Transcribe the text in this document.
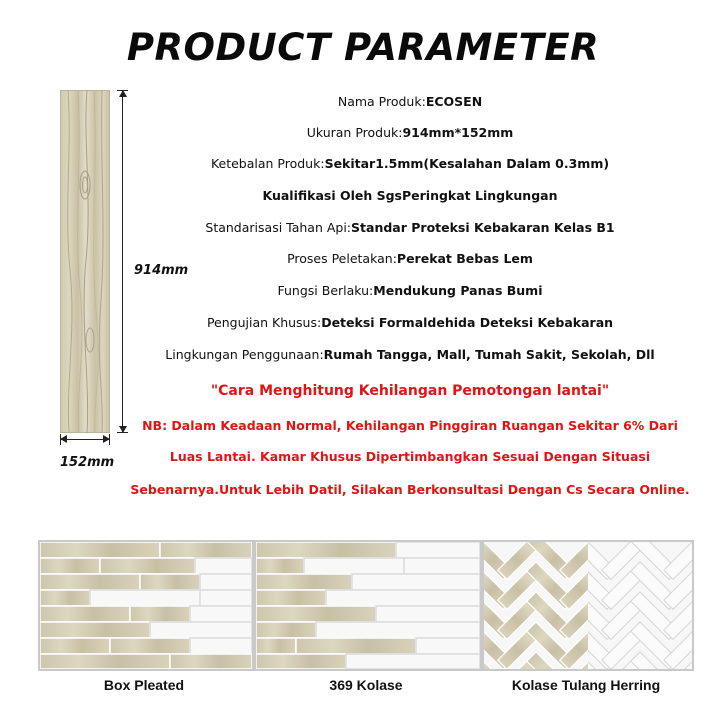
PRODUCT PARAMETER
914mm
152mm
Nama Produk:ECOSEN
Ukuran Produk:914mm*152mm
Ketebalan Produk:Sekitar1.5mm(Kesalahan Dalam 0.3mm)
Kualifikasi Oleh SgsPeringkat Lingkungan
Standarisasi Tahan Api:Standar Proteksi Kebakaran Kelas B1
Proses Peletakan:Perekat Bebas Lem
Fungsi Berlaku:Mendukung Panas Bumi
Pengujian Khusus:Deteksi Formaldehida Deteksi Kebakaran
Lingkungan Penggunaan:Rumah Tangga, Mall, Tumah Sakit, Sekolah, Dll
"Cara Menghitung Kehilangan Pemotongan lantai"
NB: Dalam Keadaan Normal, Kehilangan Pinggiran Ruangan Sekitar 6% Dari
Luas Lantai. Kamar Khusus Dipertimbangkan Sesuai Dengan Situasi
Sebenarnya.Untuk Lebih Datil, Silakan Berkonsultasi Dengan Cs Secara Online.
Box Pleated	369 Kolase	Kolase Tulang Herring
